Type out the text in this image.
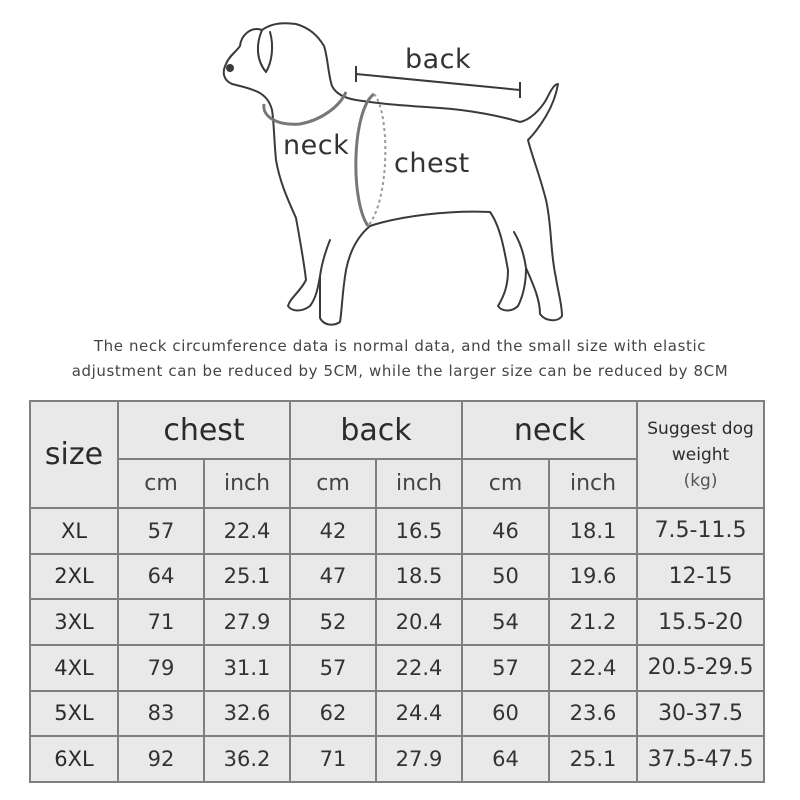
back
neck
chest
The neck circumference data is normal data, and the small size with elastic
adjustment can be reduced by 5CM, while the larger size can be reduced by 8CM
size	chest		back		neck		Suggest dog
weight
(kg)

	cm	inch	cm	inch	cm	inch	
XL	57	22.4	42	16.5	46	18.1	7.5-11.5
2XL	64	25.1	47	18.5	50	19.6	12-15
3XL	71	27.9	52	20.4	54	21.2	15.5-20
4XL	79	31.1	57	22.4	57	22.4	20.5-29.5
5XL	83	32.6	62	24.4	60	23.6	30-37.5
6XL	92	36.2	71	27.9	64	25.1	37.5-47.5
